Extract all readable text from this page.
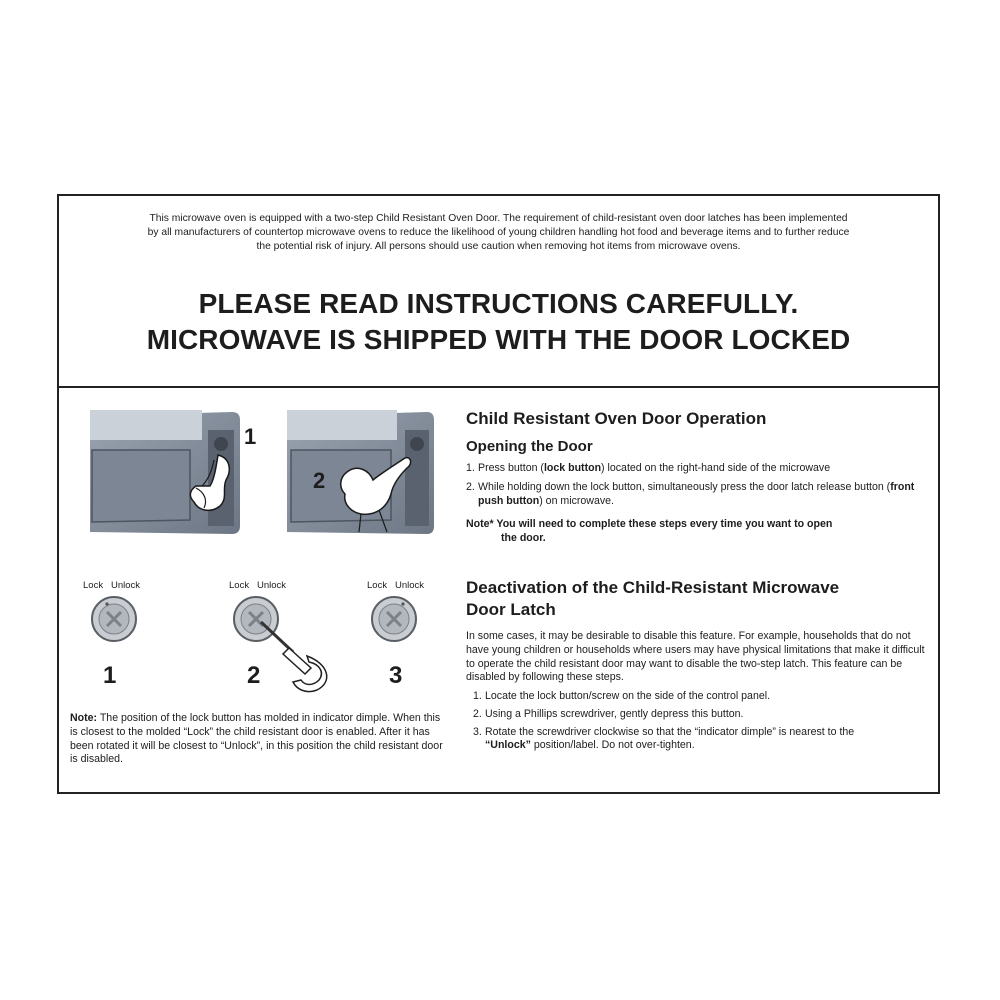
This microwave oven is equipped with a two-step Child Resistant Oven Door. The requirement of child-resistant oven door latches has been implemented
by all manufacturers of countertop microwave ovens to reduce the likelihood of young children handling hot food and beverage items and to further reduce
the potential risk of injury. All persons should use caution when removing hot items from microwave ovens.
PLEASE READ INSTRUCTIONS CAREFULLY.
MICROWAVE IS SHIPPED WITH THE DOOR LOCKED
1
2
Child Resistant Oven Door Operation
Opening the Door
1. Press button (lock button) located on the right-hand side of the microwave
2. While holding down the lock button, simultaneously press the door latch release button (front push button) on microwave.
Note* You will need to complete these steps every time you want to open
the door.
Lock Unlock	Lock Unlock	Lock Unlock
1	2	3
Note: The position of the lock button has molded in indicator dimple. When this is closest to the molded “Lock” the child resistant door is enabled. After it has been rotated it will be closest to “Unlock”, in this position the child resistant door is disabled.
Deactivation of the Child-Resistant Microwave
Door Latch
In some cases, it may be desirable to disable this feature. For example, households that do not have young children or households where users may have physical limitations that make it difficult to operate the child resistant door may want to disable the two-step latch. This feature can be disabled by following these steps.
1. Locate the lock button/screw on the side of the control panel.
2. Using a Phillips screwdriver, gently depress this button.
3. Rotate the screwdriver clockwise so that the “indicator dimple” is nearest to the
“Unlock” position/label. Do not over-tighten.
